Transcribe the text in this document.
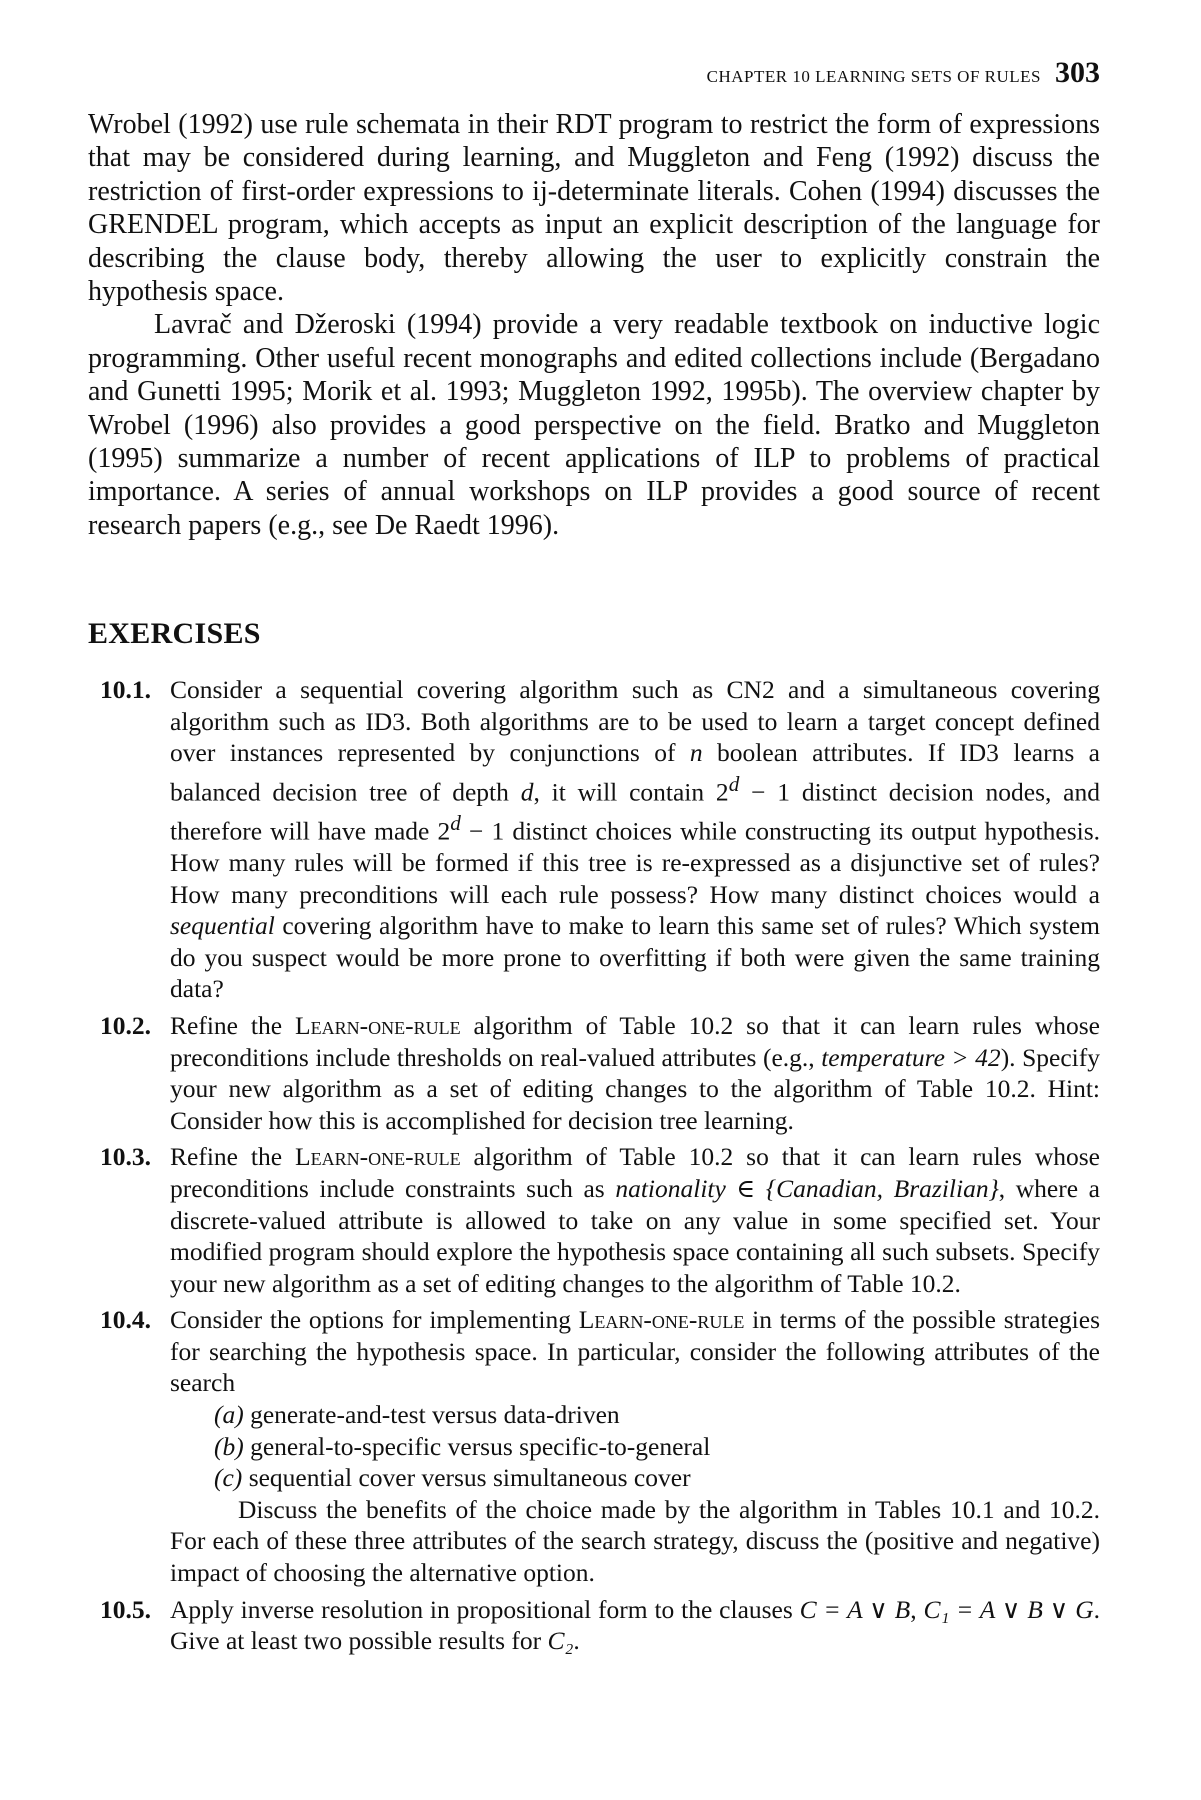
CHAPTER 10 LEARNING SETS OF RULES 303

Wrobel (1992) use rule schemata in their RDT program to restrict the form of expressions that may be considered during learning, and Muggleton and Feng (1992) discuss the restriction of first-order expressions to ij-determinate literals. Cohen (1994) discusses the GRENDEL program, which accepts as input an explicit description of the language for describing the clause body, thereby allowing the user to explicitly constrain the hypothesis space.

Lavrač and Džeroski (1994) provide a very readable textbook on inductive logic programming. Other useful recent monographs and edited collections include (Bergadano and Gunetti 1995; Morik et al. 1993; Muggleton 1992, 1995b). The overview chapter by Wrobel (1996) also provides a good perspective on the field. Bratko and Muggleton (1995) summarize a number of recent applications of ILP to problems of practical importance. A series of annual workshops on ILP provides a good source of recent research papers (e.g., see De Raedt 1996).

EXERCISES
10.1. Consider a sequential covering algorithm such as CN2 and a simultaneous covering algorithm such as ID3. Both algorithms are to be used to learn a target concept defined over instances represented by conjunctions of n boolean attributes. If ID3 learns a balanced decision tree of depth d, it will contain $2^d - 1$ distinct decision nodes, and therefore will have made $2^d - 1$ distinct choices while constructing its output hypothesis. How many rules will be formed if this tree is re-expressed as a disjunctive set of rules? How many preconditions will each rule possess? How many distinct choices would a sequential covering algorithm have to make to learn this same set of rules? Which system do you suspect would be more prone to overfitting if both were given the same training data?
10.2. Refine the Learn-one-rule algorithm of Table 10.2 so that it can learn rules whose preconditions include thresholds on real-valued attributes (e.g., temperature > 42). Specify your new algorithm as a set of editing changes to the algorithm of Table 10.2. Hint: Consider how this is accomplished for decision tree learning.
10.3. Refine the Learn-one-rule algorithm of Table 10.2 so that it can learn rules whose preconditions include constraints such as nationality ∈ {Canadian, Brazilian}, where a discrete-valued attribute is allowed to take on any value in some specified set. Your modified program should explore the hypothesis space containing all such subsets. Specify your new algorithm as a set of editing changes to the algorithm of Table 10.2.
10.4. Consider the options for implementing Learn-one-rule in terms of the possible strategies for searching the hypothesis space. In particular, consider the following attributes of the search
(a) generate-and-test versus data-driven
(b) general-to-specific versus specific-to-general
(c) sequential cover versus simultaneous cover

Discuss the benefits of the choice made by the algorithm in Tables 10.1 and 10.2. For each of these three attributes of the search strategy, discuss the (positive and negative) impact of choosing the alternative option.

10.5. Apply inverse resolution in propositional form to the clauses C = A ∨ B, C₁ = A ∨ B ∨ G. Give at least two possible results for C₂.
